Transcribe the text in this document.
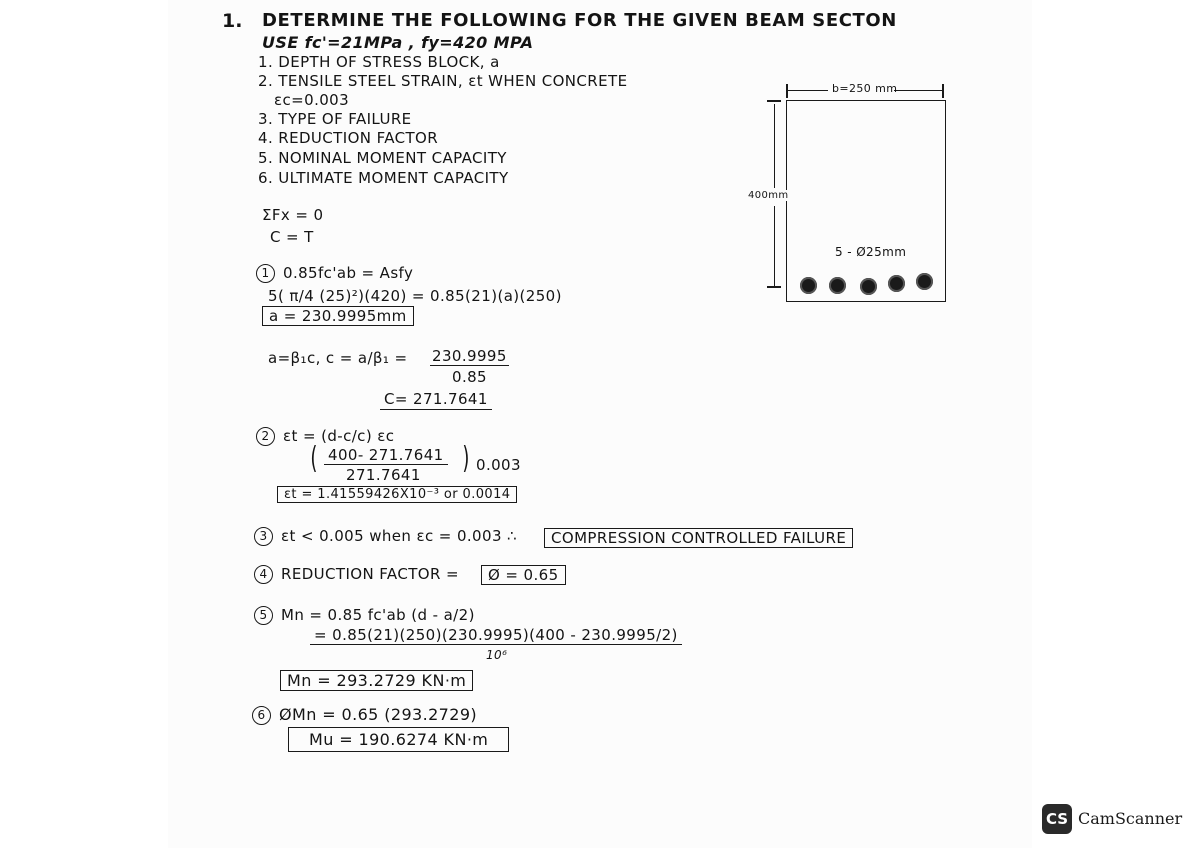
1. DETERMINE THE FOLLOWING FOR THE GIVEN BEAM SECTON
USE fc'=21MPa , fy=420 MPA
1. DEPTH OF STRESS BLOCK, a
2. TENSILE STEEL STRAIN, εt WHEN CONCRETE
εc=0.003
3. TYPE OF FAILURE
4. REDUCTION FACTOR
5. NOMINAL MOMENT CAPACITY
6. ULTIMATE MOMENT CAPACITY
b=250 mm
400mm
5 - Ø25mm
ΣFx = 0
C = T
1 0.85fc'ab = Asfy
5( π/4 (25)²)(420) = 0.85(21)(a)(250)
a = 230.9995mm
a=β₁c, c = a/β₁ = 230.9995
0.85
C= 271.7641
2 εt = (d-c/c) εc
( 400- 271.7641
271.7641 ) 0.003
εt = 1.41559426X10⁻³ or 0.0014
3 εt < 0.005 when εc = 0.003 ∴	COMPRESSION CONTROLLED FAILURE
4 REDUCTION FACTOR =	Ø = 0.65
5 Mn = 0.85 fc'ab (d - a/2)
= 0.85(21)(250)(230.9995)(400 - 230.9995/2)
10⁶
Mn = 293.2729 KN·m
6 ØMn = 0.65 (293.2729)
Mu = 190.6274 KN·m
CS CamScanner
